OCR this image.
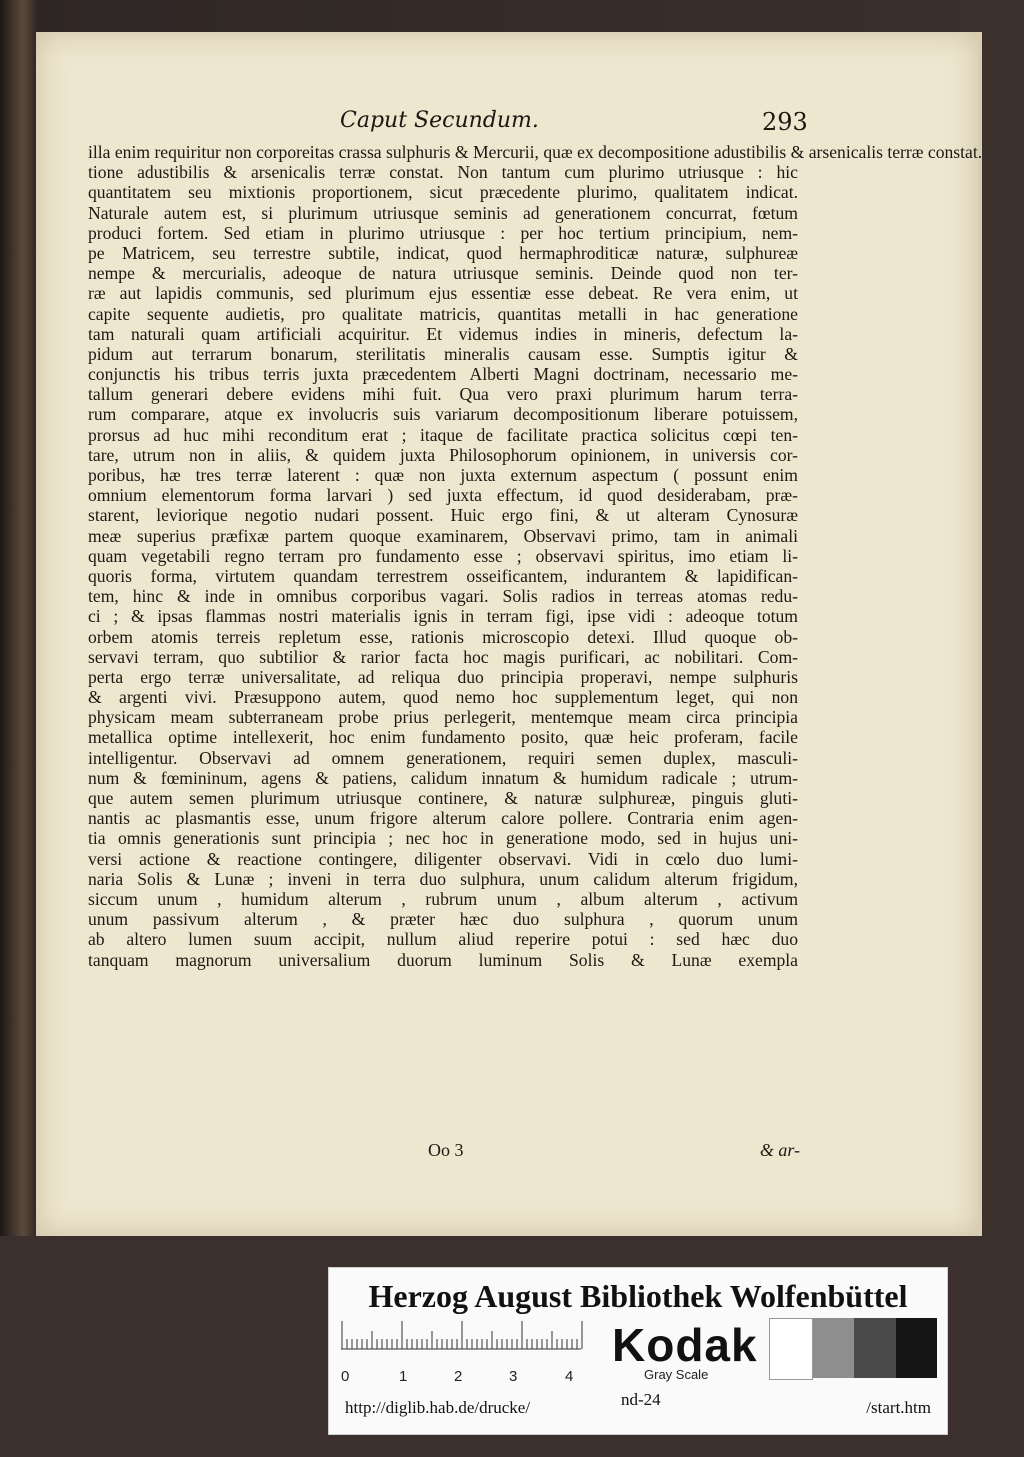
Caput Secundum.	293
illa enim requiritur non corporeitas crassa sulphuris & Mercurii, quæ ex decompositione adustibilis & arsenicalis terræ constat.
tione adustibilis & arsenicalis terræ constat. Non tantum cum plurimo utriusque : hic
quantitatem seu mixtionis proportionem, sicut præcedente plurimo, qualitatem indicat.
Naturale autem est, si plurimum utriusque seminis ad generationem concurrat, fœtum
produci fortem. Sed etiam in plurimo utriusque : per hoc tertium principium, nem-
pe Matricem, seu terrestre subtile, indicat, quod hermaphroditicæ naturæ, sulphureæ
nempe & mercurialis, adeoque de natura utriusque seminis. Deinde quod non ter-
ræ aut lapidis communis, sed plurimum ejus essentiæ esse debeat. Re vera enim, ut
capite sequente audietis, pro qualitate matricis, quantitas metalli in hac generatione
tam naturali quam artificiali acquiritur. Et videmus indies in mineris, defectum la-
pidum aut terrarum bonarum, sterilitatis mineralis causam esse. Sumptis igitur &
conjunctis his tribus terris juxta præcedentem Alberti Magni doctrinam, necessario me-
tallum generari debere evidens mihi fuit. Qua vero praxi plurimum harum terra-
rum comparare, atque ex involucris suis variarum decompositionum liberare potuissem,
prorsus ad huc mihi reconditum erat ; itaque de facilitate practica solicitus cœpi ten-
tare, utrum non in aliis, & quidem juxta Philosophorum opinionem, in universis cor-
poribus, hæ tres terræ laterent : quæ non juxta externum aspectum ( possunt enim
omnium elementorum forma larvari ) sed juxta effectum, id quod desiderabam, præ-
starent, leviorique negotio nudari possent. Huic ergo fini, & ut alteram Cynosuræ
meæ superius præfixæ partem quoque examinarem, Observavi primo, tam in animali
quam vegetabili regno terram pro fundamento esse ; observavi spiritus, imo etiam li-
quoris forma, virtutem quandam terrestrem osseificantem, indurantem & lapidifican-
tem, hinc & inde in omnibus corporibus vagari. Solis radios in terreas atomas redu-
ci ; & ipsas flammas nostri materialis ignis in terram figi, ipse vidi : adeoque totum
orbem atomis terreis repletum esse, rationis microscopio detexi. Illud quoque ob-
servavi terram, quo subtilior & rarior facta hoc magis purificari, ac nobilitari. Com-
perta ergo terræ universalitate, ad reliqua duo principia properavi, nempe sulphuris
& argenti vivi. Præsuppono autem, quod nemo hoc supplementum leget, qui non
physicam meam subterraneam probe prius perlegerit, mentemque meam circa principia
metallica optime intellexerit, hoc enim fundamento posito, quæ heic proferam, facile
intelligentur. Observavi ad omnem generationem, requiri semen duplex, masculi-
num & fœmininum, agens & patiens, calidum innatum & humidum radicale ; utrum-
que autem semen plurimum utriusque continere, & naturæ sulphureæ, pinguis gluti-
nantis ac plasmantis esse, unum frigore alterum calore pollere. Contraria enim agen-
tia omnis generationis sunt principia ; nec hoc in generatione modo, sed in hujus uni-
versi actione & reactione contingere, diligenter observavi. Vidi in cœlo duo lumi-
naria Solis & Lunæ ; inveni in terra duo sulphura, unum calidum alterum frigidum,
siccum unum , humidum alterum , rubrum unum , album alterum , activum
unum passivum alterum , & præter hæc duo sulphura , quorum unum
ab altero lumen suum accipit, nullum aliud reperire potui : sed hæc duo
tanquam magnorum universalium duorum luminum Solis & Lunæ exempla
Oo 3	& ar-
Herzog August Bibliothek Wolfenbüttel
0	1	2	3	4
Kodak
Gray Scale
http://diglib.hab.de/drucke/	nd-24	/start.htm
